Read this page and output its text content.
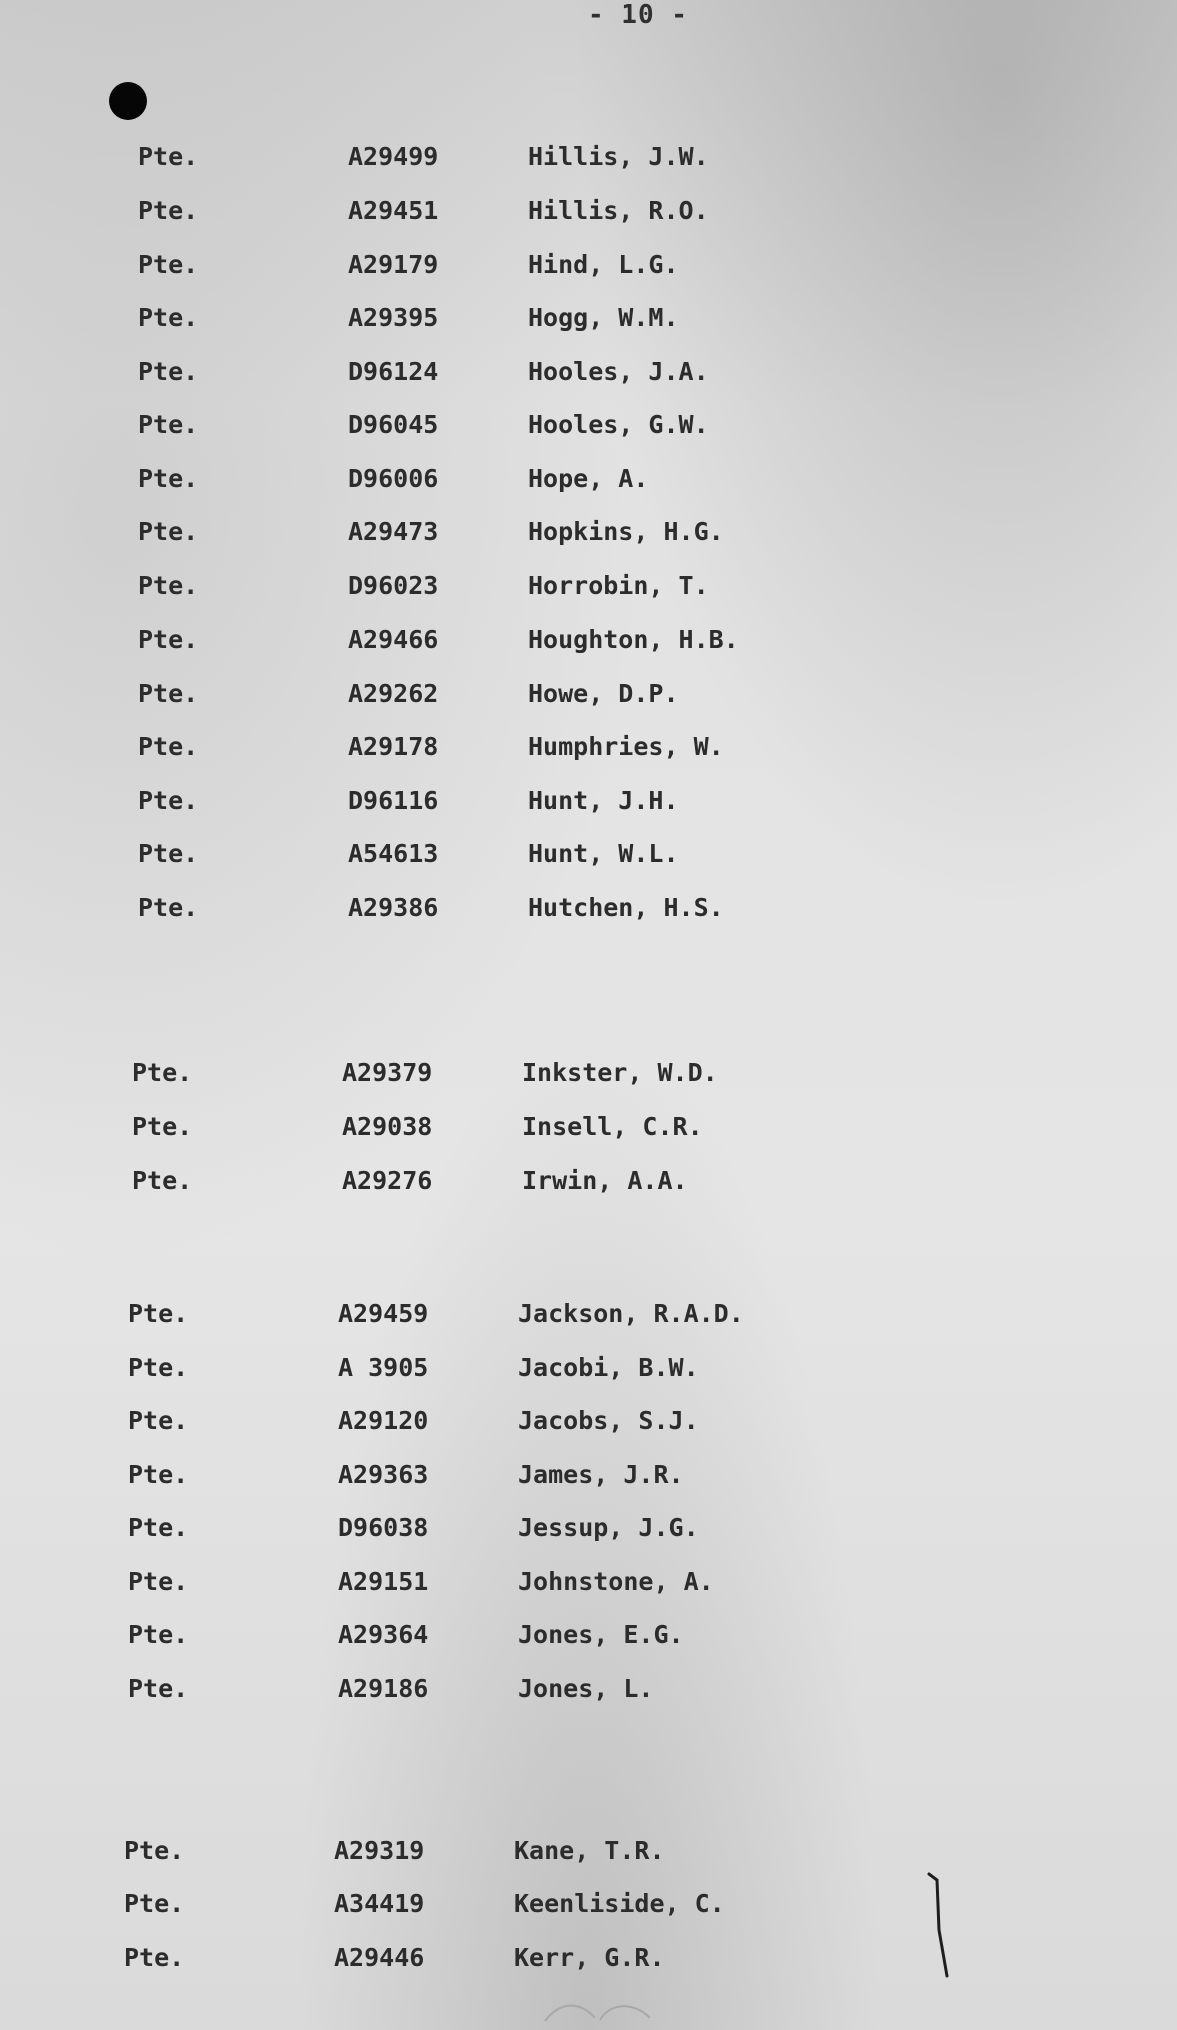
- 10 -
Pte.	A29499	Hillis, J.W.
Pte.	A29451	Hillis, R.O.
Pte.	A29179	Hind, L.G.
Pte.	A29395	Hogg, W.M.
Pte.	D96124	Hooles, J.A.
Pte.	D96045	Hooles, G.W.
Pte.	D96006	Hope, A.
Pte.	A29473	Hopkins, H.G.
Pte.	D96023	Horrobin, T.
Pte.	A29466	Houghton, H.B.
Pte.	A29262	Howe, D.P.
Pte.	A29178	Humphries, W.
Pte.	D96116	Hunt, J.H.
Pte.	A54613	Hunt, W.L.
Pte.	A29386	Hutchen, H.S.
Pte.	A29379	Inkster, W.D.
Pte.	A29038	Insell, C.R.
Pte.	A29276	Irwin, A.A.
Pte.	A29459	Jackson, R.A.D.
Pte.	A 3905	Jacobi, B.W.
Pte.	A29120	Jacobs, S.J.
Pte.	A29363	James, J.R.
Pte.	D96038	Jessup, J.G.
Pte.	A29151	Johnstone, A.
Pte.	A29364	Jones, E.G.
Pte.	A29186	Jones, L.
Pte.	A29319	Kane, T.R.
Pte.	A34419	Keenliside, C.
Pte.	A29446	Kerr, G.R.
